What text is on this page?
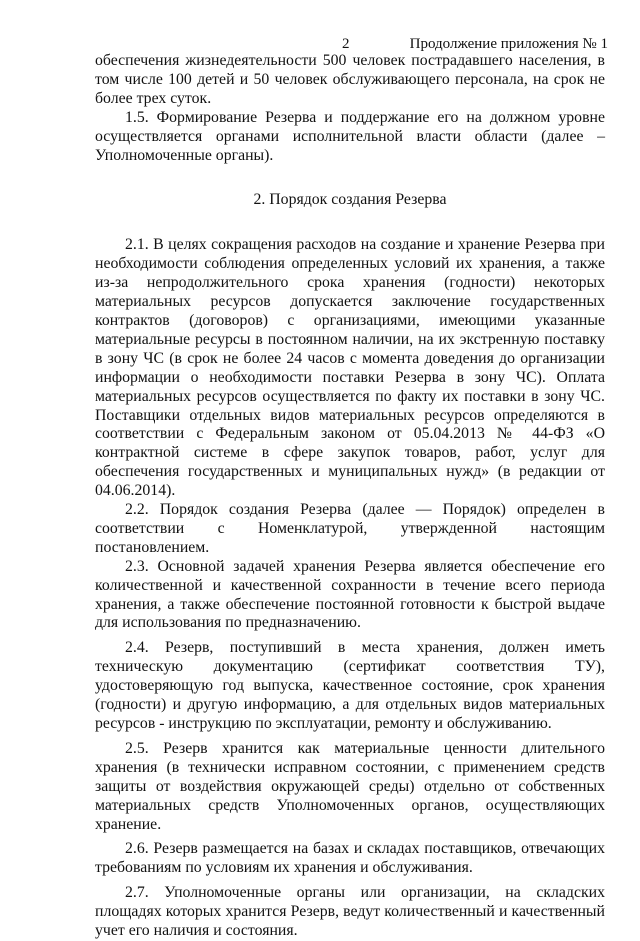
2	Продолжение приложения № 1

обеспечения жизнедеятельности 500 человек пострадавшего населения, в том числе 100 детей и 50 человек обслуживающего персонала, на срок не более трех суток.

1.5. Формирование Резерва и поддержание его на должном уровне осуществляется органами исполнительной власти области (далее – Уполномоченные органы).

2. Порядок создания Резерва

2.1. В целях сокращения расходов на создание и хранение Резерва при необходимости соблюдения определенных условий их хранения, а также из-за непродолжительного срока хранения (годности) некоторых материальных ресурсов допускается заключение государственных контрактов (договоров) с организациями, имеющими указанные материальные ресурсы в постоянном наличии, на их экстренную поставку в зону ЧС (в срок не более 24 часов с момента доведения до организации информации о необходимости поставки Резерва в зону ЧС). Оплата материальных ресурсов осуществляется по факту их поставки в зону ЧС. Поставщики отдельных видов материальных ресурсов определяются в соответствии с Федеральным законом от 05.04.2013 № 44-ФЗ «О контрактной системе в сфере закупок товаров, работ, услуг для обеспечения государственных и муниципальных нужд» (в редакции от 04.06.2014).

2.2. Порядок создания Резерва (далее — Порядок) определен в соответствии с Номенклатурой, утвержденной настоящим постановлением.

2.3. Основной задачей хранения Резерва является обеспечение его количественной и качественной сохранности в течение всего периода хранения, а также обеспечение постоянной готовности к быстрой выдаче для использования по предназначению.

2.4. Резерв, поступивший в места хранения, должен иметь техническую документацию (сертификат соответствия ТУ), удостоверяющую год выпуска, качественное состояние, срок хранения (годности) и другую информацию, а для отдельных видов материальных ресурсов - инструкцию по эксплуатации, ремонту и обслуживанию.

2.5. Резерв хранится как материальные ценности длительного хранения (в технически исправном состоянии, с применением средств защиты от воздействия окружающей среды) отдельно от собственных материальных средств Уполномоченных органов, осуществляющих хранение.

2.6. Резерв размещается на базах и складах поставщиков, отвечающих требованиям по условиям их хранения и обслуживания.

2.7. Уполномоченные органы или организации, на складских площадях которых хранится Резерв, ведут количественный и качественный учет его наличия и состояния.
